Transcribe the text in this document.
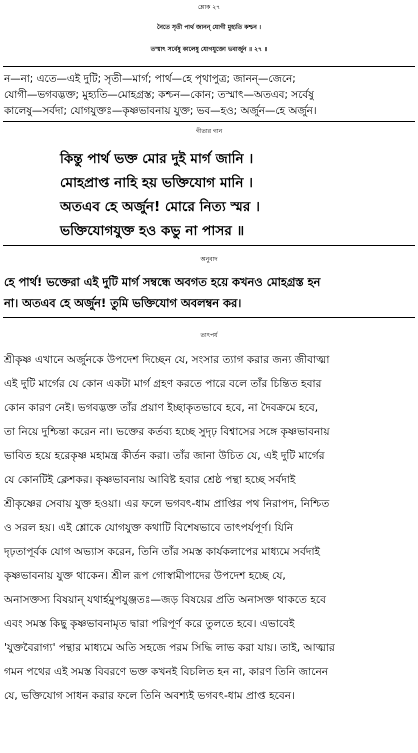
শ্লোক ২৭
নৈতে সৃতী পার্থ জানন্‌ যোগী মুহ্যতি কশ্চন ।
তস্মাৎ সর্বেষু কালেষু যোগযুক্তো ভবার্জুন ॥ ২৭ ॥
ন—না; এতে—এই দুটি; সৃতী—মার্গ; পার্থ—হে পৃথাপুত্র; জানন্‌—জেনে;
যোগী—ভগবদ্ভক্ত; মুহ্যতি—মোহগ্রস্ত; কশ্চন—কোন; তস্মাৎ—অতএব; সর্বেষু
কালেষু—সর্বদা; যোগযুক্তঃ—কৃষ্ণভাবনায় যুক্ত; ভব—হও; অর্জুন—হে অর্জুন।
গীতার গান
কিন্তু পার্থ ভক্ত মোর দুই মার্গ জানি ।
মোহপ্রাপ্ত নাহি হয় ভক্তিযোগ মানি ।
অতএব হে অর্জুন! মোরে নিত্য স্মর ।
ভক্তিযোগযুক্ত হও কভু না পাসর ॥
অনুবাদ
হে পার্থ! ভক্তেরা এই দুটি মার্গ সম্বন্ধে অবগত হয়ে কখনও মোহগ্রস্ত হন
না। অতএব হে অর্জুন! তুমি ভক্তিযোগ অবলম্বন কর।
তাৎপর্য
শ্রীকৃষ্ণ এখানে অর্জুনকে উপদেশ দিচ্ছেন যে, সংসার ত্যাগ করার জন্য জীবাত্মা
এই দুটি মার্গের যে কোন একটা মার্গ গ্রহণ করতে পারে বলে তাঁর চিন্তিত হবার
কোন কারণ নেই। ভগবদ্ভক্ত তাঁর প্রয়াণ ইচ্ছাকৃতভাবে হবে, না দৈবক্রমে হবে,
তা নিয়ে দুশ্চিন্তা করেন না। ভক্তের কর্তব্য হচ্ছে সুদৃঢ় বিশ্বাসের সঙ্গে কৃষ্ণভাবনায়
ভাবিত হয়ে হরেকৃষ্ণ মহামন্ত্র কীর্তন করা। তাঁর জানা উচিত যে, এই দুটি মার্গের
যে কোনটিই ক্লেশকর। কৃষ্ণভাবনায় আবিষ্ট হবার শ্রেষ্ঠ পন্থা হচ্ছে সর্বদাই
শ্রীকৃষ্ণের সেবায় যুক্ত হওয়া। এর ফলে ভগবৎ-ধাম প্রাপ্তির পথ নিরাপদ, নিশ্চিত
ও সরল হয়। এই শ্লোকে যোগযুক্ত কথাটি বিশেষভাবে তাৎপর্যপূর্ণ। যিনি
দৃঢ়তাপূর্বক যোগ অভ্যাস করেন, তিনি তাঁর সমস্ত কার্যকলাপের মাধ্যমে সর্বদাই
কৃষ্ণভাবনায় যুক্ত থাকেন। শ্রীল রূপ গোস্বামীপাদের উপদেশ হচ্ছে যে,
অনাসক্তস্য বিষয়ান্‌ যথার্হমুপযুঞ্জতঃ—জড় বিষয়ের প্রতি অনাসক্ত থাকতে হবে
এবং সমস্ত কিছু কৃষ্ণভাবনামৃত দ্বারা পরিপূর্ণ করে তুলতে হবে। এভাবেই
'যুক্তবৈরাগ্য' পন্থার মাধ্যমে অতি সহজে পরম সিদ্ধি লাভ করা যায়। তাই, আত্মার
গমন পথের এই সমস্ত বিবরণে ভক্ত কখনই বিচলিত হন না, কারণ তিনি জানেন
যে, ভক্তিযোগ সাধন করার ফলে তিনি অবশ্যই ভগবৎ-ধাম প্রাপ্ত হবেন।
